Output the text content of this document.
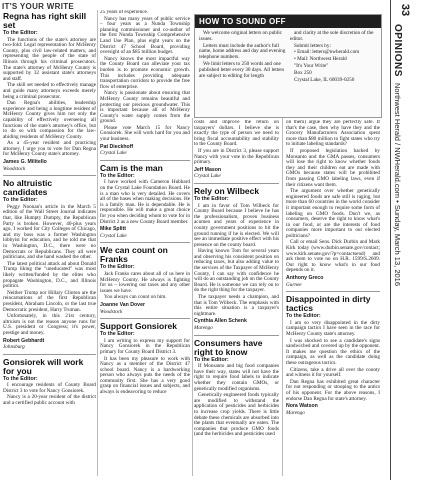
IT'S YOUR WRITE
HOW TO SOUND OFF

We welcome original letters on public issues.

Letters must include the author's full name, home address and day and evening telephone numbers.

We limit letters to 250 words and one published letter every 30 days. All letters are subject to editing for length

and clarity at the sole discretion of the editor.

Submit letters by:

• Email: letters@nwherald.com

• Mail: Northwest Herald

"It's Your Write"

Box 250

Crystal Lake, IL 60039-0250

Regna has right skill set

To the Editor:

The functions of the state's attorney are two-fold: Legal representation for McHenry County, plus civil law-related matters, and representing the people of the state of Illinois through his criminal prosecutors. The state's attorney of McHenry County is supported by 32 assistant state's attorneys and staff.

The skill set needed to effectively manage and guide many attorneys exceeds merely being a criminal prosecutor.

Dan Regna's abilities, leadership experience and being a longtime resident of McHenry County gives him not only the capability of effectively overseeing all functions of the state's attorney's office, but to do so with compassion for the law-abiding residents of McHenry County.

As a 45-year resident and practicing attorney, I urge you to vote for Dan Regna for McHenry County state's attorney.

James G. Militello

Woodstock

No altruistic candidates

To the Editor:

Peggy Noonan's article in the March 5 edition of the Wall Street Journal indicates that, like Humpty Dumpty, the Republican Party is broken. However, 40-plus years ago, I worked for City Colleges of Chicago, and my boss was a former Washington lobbyist for education, and he told me that in Washington, D.C., there were no Democrats or Republicans. They all were politicians, and she hand washed the other.

The latest political attack ad about Donald Trump liking the "uneducated" was most likely written/funded by the elites who propagate Washington, D.C., and Illinois politics.

Neither Trump nor Hillary Clinton are the reincarnations of the first Republican president, Abraham Lincoln, or the last true Democratic president, Harry Truman.

Unfortunately, in this 21st century, altruism is not the reason anyone runs for U.S. president or Congress; it's power, prestige and money.

Robert Gebhardt

Johnsburg

Gonsiorek will work for you

To the Editor:

I encourage residents of County Board District 3 to vote for Nancy Gonsiorek.

Nancy is a 20-year resident of the district and a certified public account with

25 years of experience.

Nancy has many years of public service – four years as a Nunda Township planning commissioner and co-author of the first Nunda Township Comprehensive Land Use Plan, plus eight years on the District 47 School Board, providing oversight of an $85 million budget.

Nancy knows the most impactful way the County Board can alleviate your tax burden is to promote economic growth. This includes providing adequate transportation corridors to provide the free flow of enterprise.

Nancy is passionate about ensuring that McHenry County remains beautiful and protecting our precious groundwater. This is important because all of McHenry County's water supply comes from the ground.

Please vote March 15 for Nancy Gonsiorek. She will work hard for you and your business.

Pat Dieckhoff

Crystal Lake

Cam is the man

To the Editor:

I have worked with Cameron Hubbard on the Crystal Lake Foundation Board. He is a man who is very detailed. He covers all of the bases when making decisions. He is a family man. He is dependable. He is responsible. He will make a great choice for you when deciding whom to vote for in District 2 as a new County Board member.

Mike Splitt

Crystal Lake

We can count on Franks

To the Editor:

Jack Franks cares about all of us here in McHenry County. He always is fighting for us – lowering our taxes and any other issues we have.

You always can count on him.

Joanne Van Dover

Woodstock

Support Gonsiorek

To the Editor:

I am writing to express my support for Nancy Gonsiorek in the Republican primary for County Board District 3.

It has been my pleasure to work with Nancy as a member of the District 47 school board. Nancy is a hardworking person who always puts the needs of the community first. She has a very good grasp on financial issues and subjects, and always is endeavoring to reduce

costs and improve the return on taxpayers' dollars. I believe she is exactly the type of person we need to bring fiscal accountability and stability to the County Board.

If you are in District 3, please support Nancy with your vote in the Republican primary.

Jeff Mason

Crystal Lake

Rely on Wilbeck

To the Editor:

I am in favor of Tom Wilbeck for County Board because I believe he has the professionalism, proven business acumen and years of experience in county government positions to hit the ground running if he is elected. We will see an immediate positive effect with his presence on the county board.

Having known Tom for several years and observing his consistent position on reducing taxes, but also adding value to the services of the Taxpayer of McHenry County, I can say with confidence he will do an outstanding job on the County Board. He is someone we can rely on to do the right thing for the taxpayer.

The taxpayer needs a champion, and that is Tom Wilbeck. The emphasis with this entire situation is a taxpayer's nightmare.

Cynthia Allen Schenk

Marengo

Consumers have right to know

To the Editor:

If Monsanto and big food companies have their way, states will not have the right to require food labels to indicate whether they contain GMOs, or genetically modified organisms.

Genetically engineered foods typically are modified to withstand the application of pesticides and herbicides to increase crop yields. There is little debate these chemicals are absorbed into the plants that eventually are eaten. The companies that produce GMO foods (and the herbicides and pesticides used

on them) argue they are perfectly safe. If that's the case, then why have they and the Grocery Manufacturers Association spent more than $80 million to fight states who try to initiate labeling standards?

If proposed legislation backed by Monsanto and the GMA passes, consumers will lose the right to know whether foods they and their children eat are made with GMOs because states will be prohibited from passing GMO labeling laws, even if their citizens want them.

The argument over whether genetically engineered foods are safe still is raging, but more than 60 countries in the world consider it important enough to require some form of labeling on GMO foods. Don't we, as consumers, deserve the right to know what's in our food, or are the interests of food companies more important to our elected politicians?

Call or email Sens. Dick Durbin and Mark Kirk today (www.durbin.senate.gov/contact; www.kirk.senate.gov/?p=contactsend) and ask them to vote no on H.R. 1599/S.2609. Our right to know what's in our food depends on it.

Anthony Greco

Gurnee

Disappointed in dirty tactics

To the Editor:

I am so very disappointed in the dirty campaign tactics I have seen in the race for McHenry County state's attorney.

I was shocked to see a candidate's signs sandwiched and covered up by the opponent. It makes me question the ethics of the campaign, as well as the candidate doing these outrageous tactics.

Citizens, take a drive all over the county and witness it for yourself.

Dan Regna has exhibited great character for not responding or stooping to the antics of his opponent. For the above reasons, I endorse Dan Regna for state's attorney.

Nora Watson

Marengo

33
OPINIONS Northwest Herald / NWHerald.com • Sunday, March 13, 2016
